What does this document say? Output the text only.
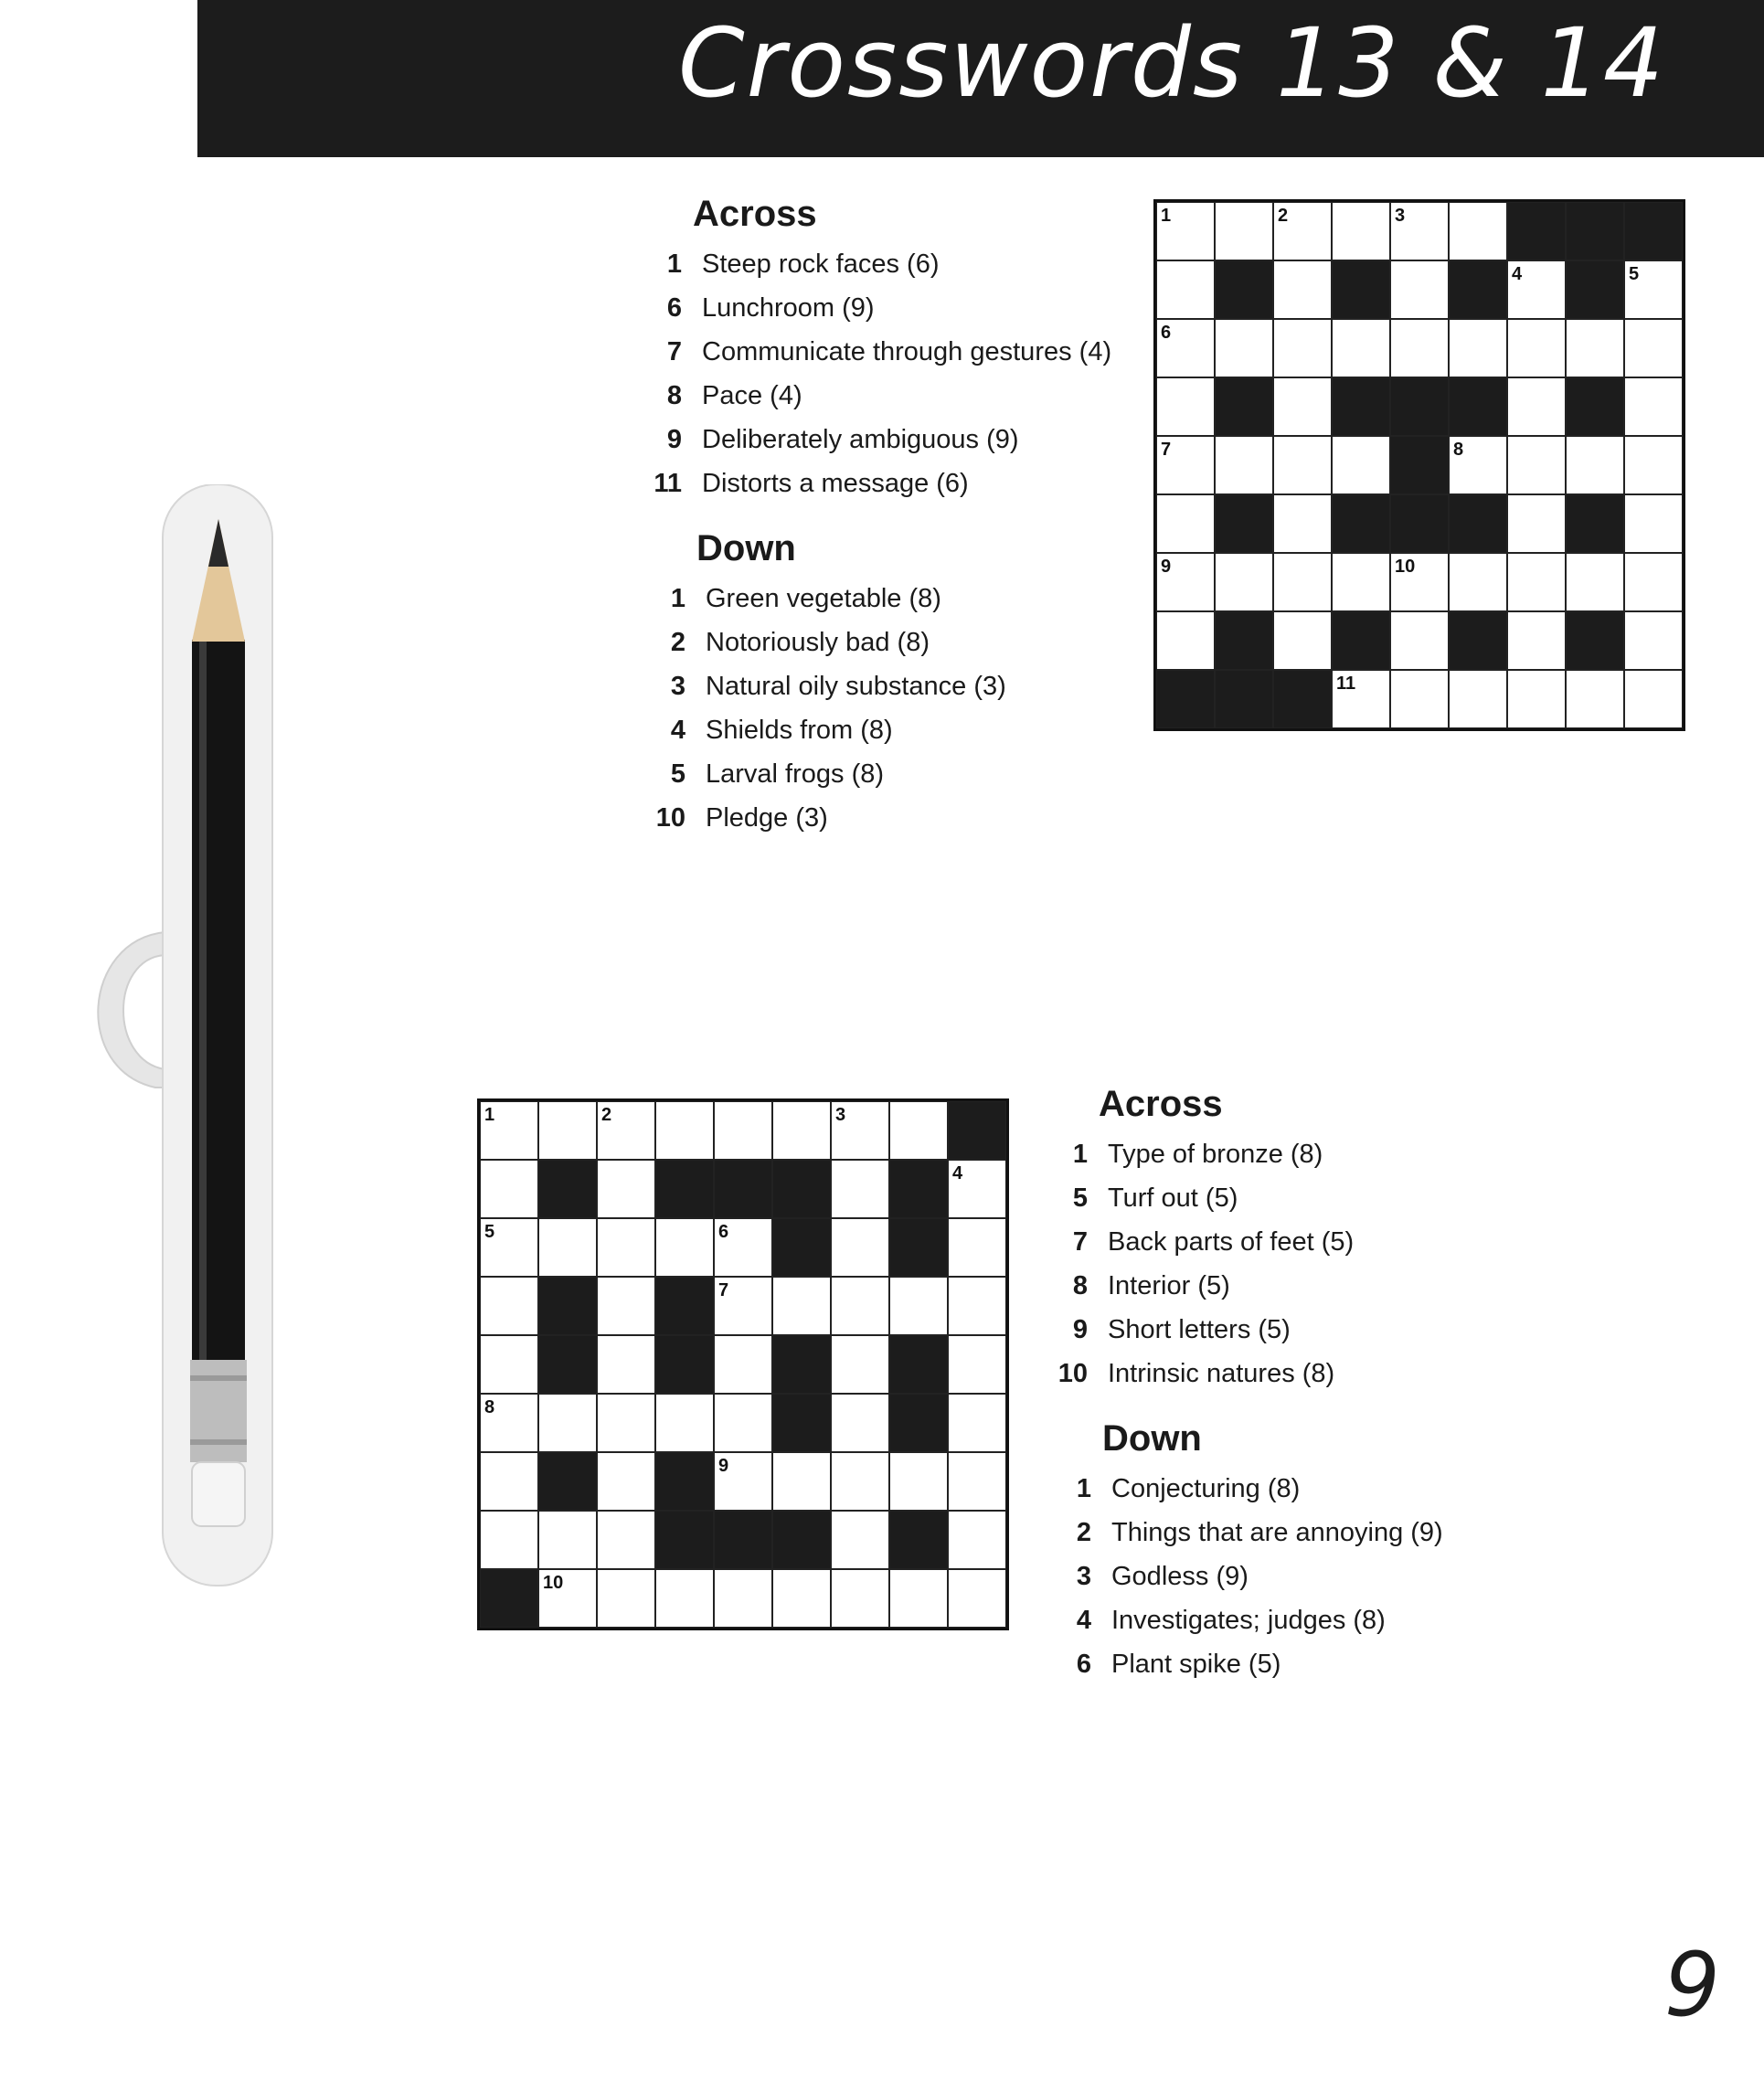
Crosswords 13 & 14
Across
1 Steep rock faces (6)
6 Lunchroom (9)
7 Communicate through gestures (4)
8 Pace (4)
9 Deliberately ambiguous (9)
11 Distorts a message (6)
Down
1 Green vegetable (8)
2 Notoriously bad (8)
3 Natural oily substance (3)
4 Shields from (8)
5 Larval frogs (8)
10 Pledge (3)
1	2	3
4	5
6
7	8
9	10
11
1	2	3
4
5	6
7
8
9
10
Across
1 Type of bronze (8)
5 Turf out (5)
7 Back parts of feet (5)
8 Interior (5)
9 Short letters (5)
10 Intrinsic natures (8)
Down
1 Conjecturing (8)
2 Things that are annoying (9)
3 Godless (9)
4 Investigates; judges (8)
6 Plant spike (5)
9
